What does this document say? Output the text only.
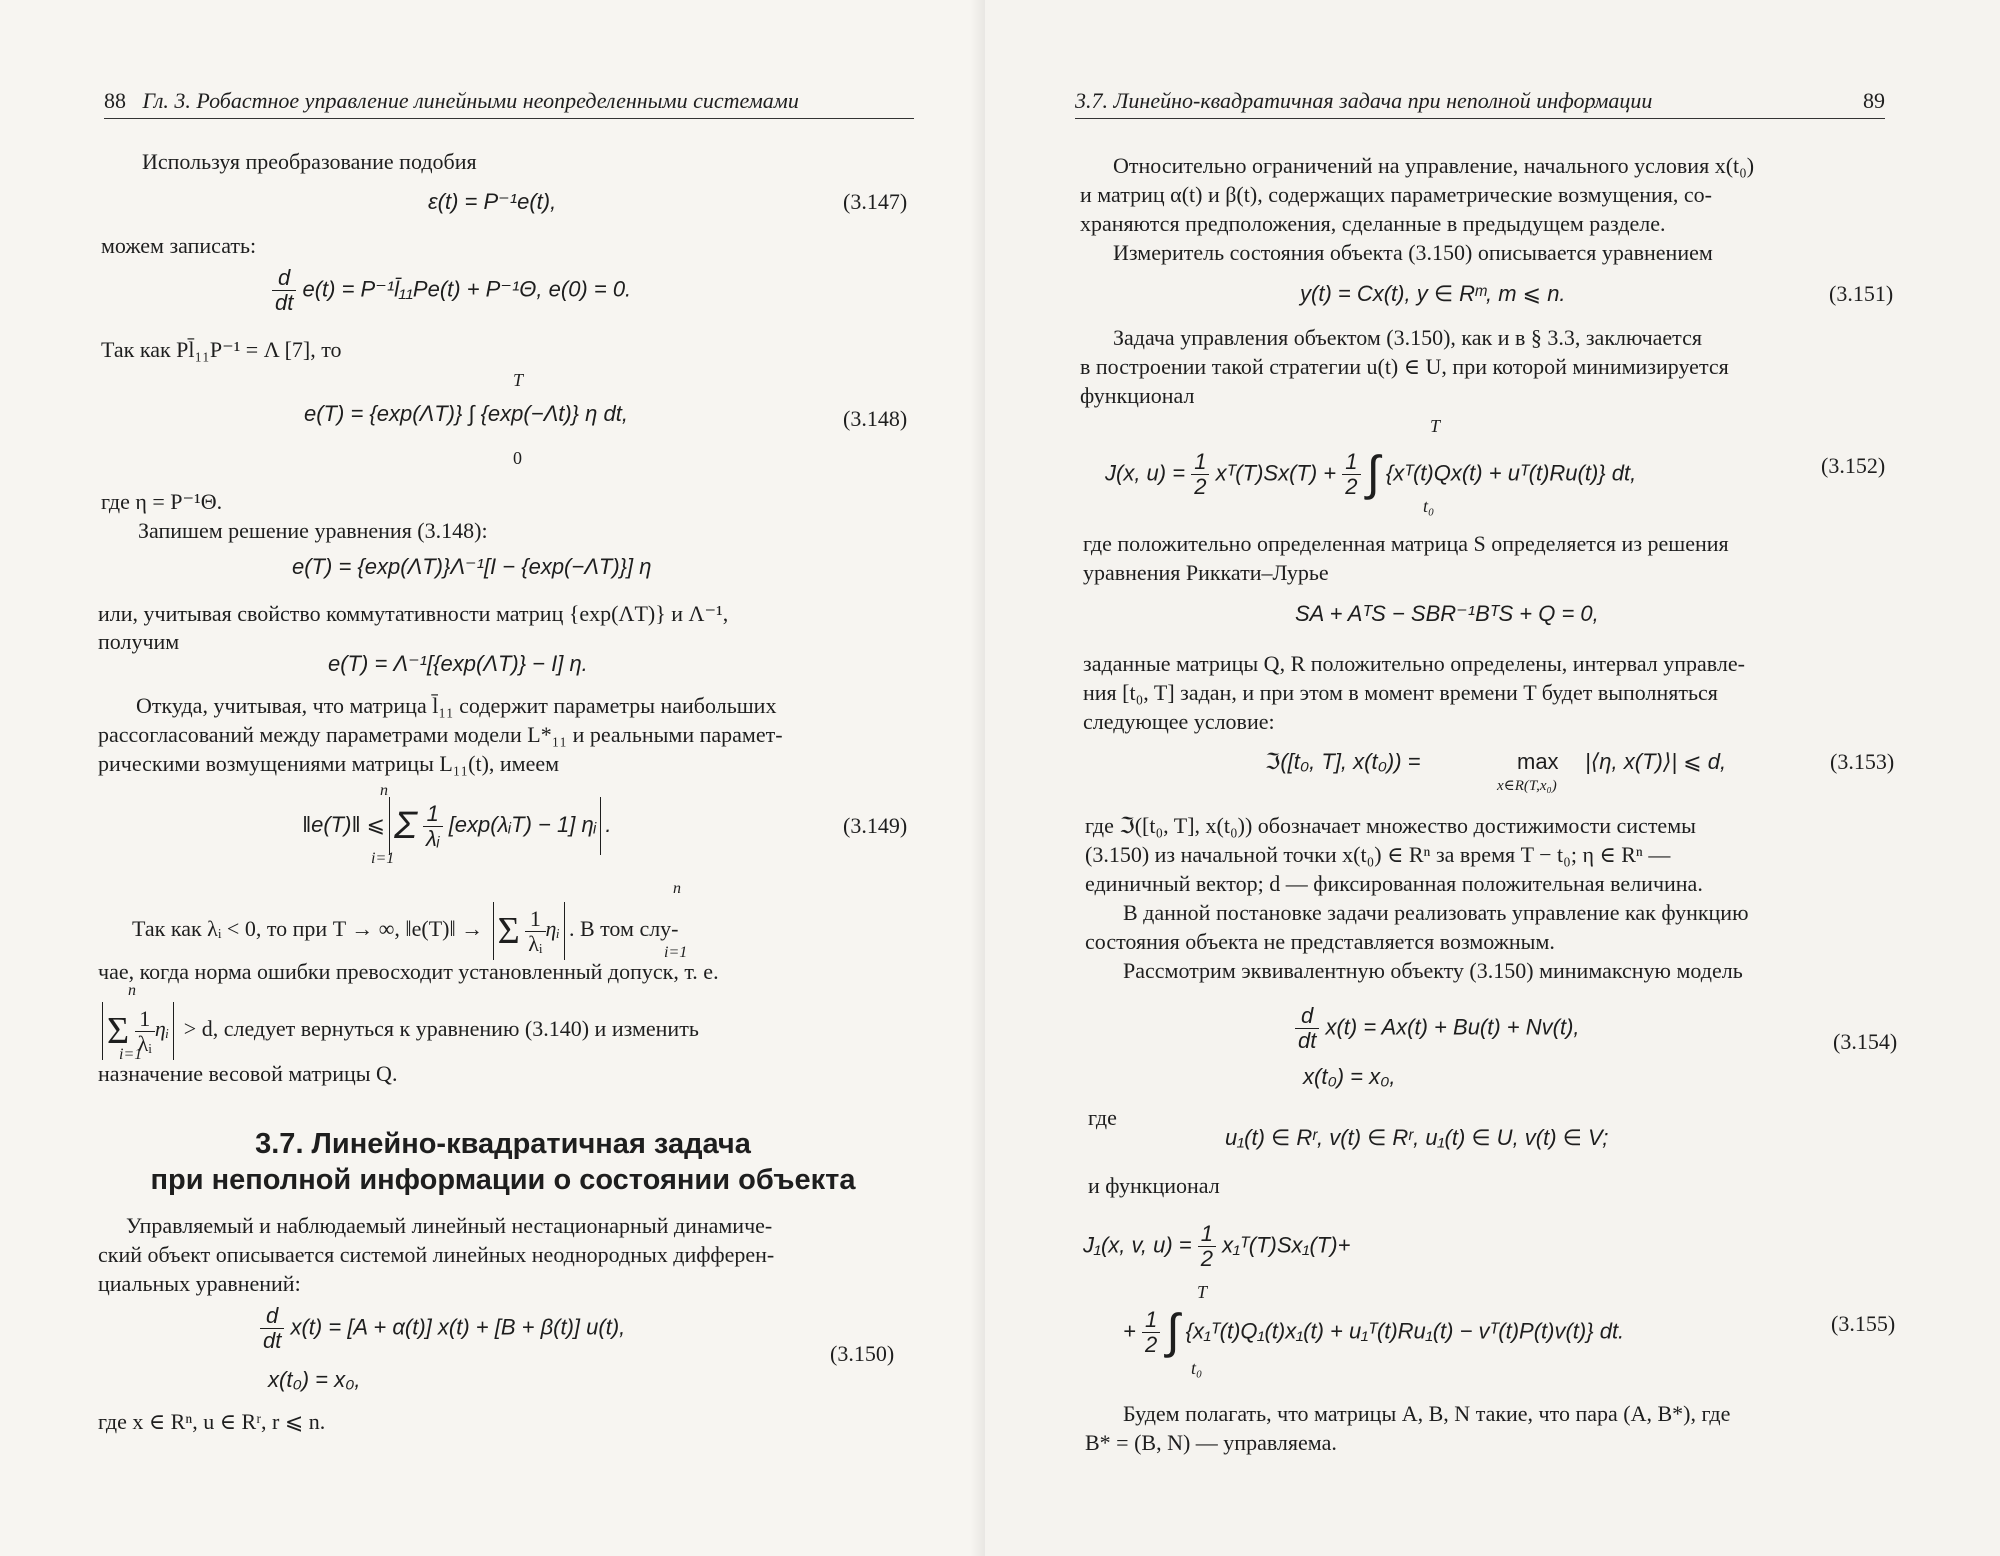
88 Гл. 3. Робастное управление линейными неопределенными системами
Используя преобразование подобия
ε(t) = P⁻¹e(t),	(3.147)
можем записать:
$\frac{d}{dt} e(t)$ = P⁻¹l̄₁₁Pe(t) + P⁻¹Θ, e(0) = 0.
Так как Pl̄₁₁P⁻¹ = Λ [7], то
T
e(T) = {exp(ΛT)} ∫ {exp(−Λt)} η dt,
0
(3.148)
где η = P⁻¹Θ.
Запишем решение уравнения (3.148):
e(T) = {exp(ΛT)}Λ⁻¹[I − {exp(−ΛT)}] η
или, учитывая свойство коммутативности матриц {exp(ΛT)} и Λ⁻¹,
получим
e(T) = Λ⁻¹[{exp(ΛT)} − I] η.
Откуда, учитывая, что матрица l̄₁₁ содержит параметры наибольших
рассогласований между параметрами модели L*₁₁ и реальными парамет-
рическими возмущениями матрицы L₁₁(t), имеем
‖e(T)‖ ⩽ Σ $\frac{1}{\text{λᵢ}}$ [exp(λᵢT) − 1] ηᵢ .
n
i=1
(3.149)
Так как λᵢ < 0, то при T → ∞, ‖e(T)‖ → Σ $\frac{1}{\text{λᵢ}}$ ηᵢ . В том слу-
n
i=1
чае, когда норма ошибки превосходит установленный допуск, т. е.
Σ $\frac{1}{\text{λᵢ}}$ ηᵢ > d, следует вернуться к уравнению (3.140) и изменить
n
i=1
назначение весовой матрицы Q.
3.7. Линейно-квадратичная задача
при неполной информации о состоянии объекта
Управляемый и наблюдаемый линейный нестационарный динамиче-
ский объект описывается системой линейных неоднородных дифферен-
циальных уравнений:
$\frac{d}{dt} x(t) = [A + \alpha(t)] x(t) + [B + \beta(t)]$ u(t),
x(t₀) = x₀,
(3.150)
где x ∈ Rⁿ, u ∈ Rʳ, r ⩽ n.
3.7. Линейно-квадратичная задача при неполной информации	89
Относительно ограничений на управление, начального условия x(t₀)
и матриц α(t) и β(t), содержащих параметрические возмущения, со-
храняются предположения, сделанные в предыдущем разделе.
Измеритель состояния объекта (3.150) описывается уравнением
y(t) = Cx(t), y ∈ Rᵐ, m ⩽ n.	(3.151)
Задача управления объектом (3.150), как и в § 3.3, заключается
в построении такой стратегии u(t) ∈ U, при которой минимизируется
функционал
T
J(x, $u) = \frac{1}{2}$ xᵀ(T)Sx(T) + $\frac{1}{2}$ ∫ {xᵀ(t)Qx(t) + uᵀ(t)Ru(t)} dt,
t₀
(3.152)
где положительно определенная матрица S определяется из решения
уравнения Риккати–Лурье
SA + AᵀS − SBR⁻¹BᵀS + Q = 0,
заданные матрицы Q, R положительно определены, интервал управле-
ния [t₀, T] задан, и при этом в момент времени T будет выполняться
следующее условие:
ℑ([t₀, T], x(t₀)) =	max
x∈R(T,x₀)
|⟨η, x(T)⟩| ⩽ d,	(3.153)
где ℑ([t₀, T], x(t₀)) обозначает множество достижимости системы
(3.150) из начальной точки x(t₀) ∈ Rⁿ за время T − t₀; η ∈ Rⁿ —
единичный вектор; d — фиксированная положительная величина.
В данной постановке задачи реализовать управление как функцию
состояния объекта не представляется возможным.
Рассмотрим эквивалентную объекту (3.150) минимаксную модель
$\frac{d}{dt} x(t) = Ax(t) + Bu(t) + Nv(t)$,
x(t₀) = x₀,
(3.154)
где
u₁(t) ∈ Rʳ, v(t) ∈ Rʳ, u₁(t) ∈ U, v(t) ∈ V;
и функционал
J₁(x, v, $u) = \frac{1}{2}$ x₁ᵀ(T)Sx₁(T)+
T
+ $\frac{1}{2}$ ∫ {x₁ᵀ(t)Q₁(t)x₁(t) + u₁ᵀ(t)Ru₁(t) − vᵀ(t)P(t)v(t)} dt.
t₀
(3.155)
Будем полагать, что матрицы A, B, N такие, что пара (A, B*), где
B* = (B, N) — управляема.
